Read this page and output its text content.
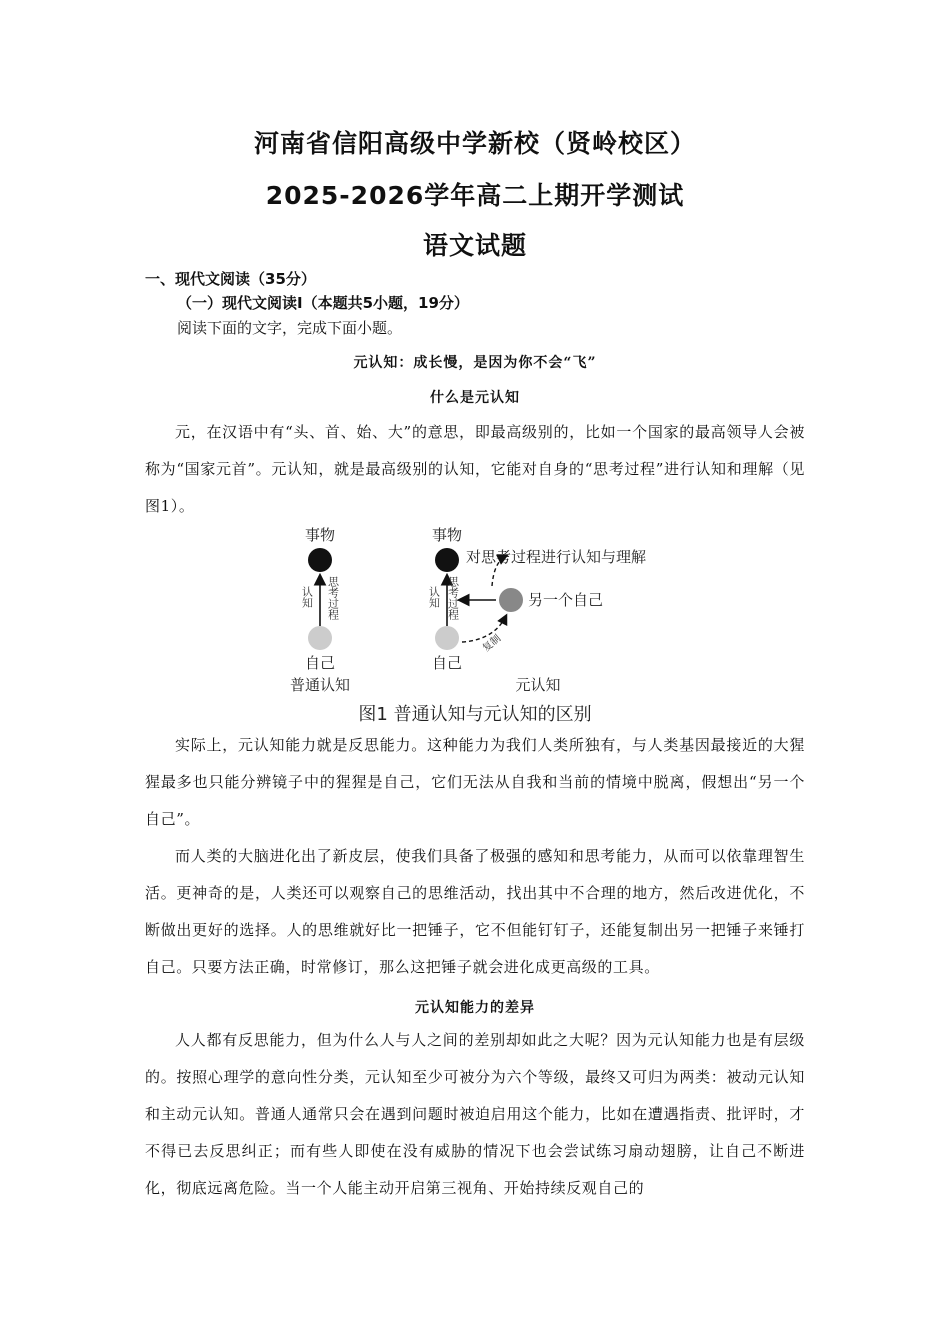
河南省信阳高级中学新校（贤岭校区）
2025-2026学年高二上期开学测试
语文试题
一、现代文阅读（35分）
（一）现代文阅读I（本题共5小题，19分）
阅读下面的文字，完成下面小题。
元认知：成长慢，是因为你不会“飞”
什么是元认知
元，在汉语中有“头、首、始、大”的意思，即最高级别的，比如一个国家的最高领导人会被称为“国家元首”。元认知，就是最高级别的认知，它能对自身的“思考过程”进行认知和理解（见图1）。
事物
认知 思考过程
自己
普通认知
事物
对思考过程进行认知与理解
认知 思考过程	另一个自己
复制
自己
元认知
图1 普通认知与元认知的区别
实际上，元认知能力就是反思能力。这种能力为我们人类所独有，与人类基因最接近的大猩猩最多也只能分辨镜子中的猩猩是自己，它们无法从自我和当前的情境中脱离，假想出“另一个自己”。
而人类的大脑进化出了新皮层，使我们具备了极强的感知和思考能力，从而可以依靠理智生活。更神奇的是，人类还可以观察自己的思维活动，找出其中不合理的地方，然后改进优化，不断做出更好的选择。人的思维就好比一把锤子，它不但能钉钉子，还能复制出另一把锤子来锤打自己。只要方法正确，时常修订，那么这把锤子就会进化成更高级的工具。
元认知能力的差异
人人都有反思能力，但为什么人与人之间的差别却如此之大呢？因为元认知能力也是有层级的。按照心理学的意向性分类，元认知至少可被分为六个等级，最终又可归为两类：被动元认知和主动元认知。普通人通常只会在遇到问题时被迫启用这个能力，比如在遭遇指责、批评时，才不得已去反思纠正；而有些人即使在没有威胁的情况下也会尝试练习扇动翅膀，让自己不断进化，彻底远离危险。当一个人能主动开启第三视角、开始持续反观自己的
